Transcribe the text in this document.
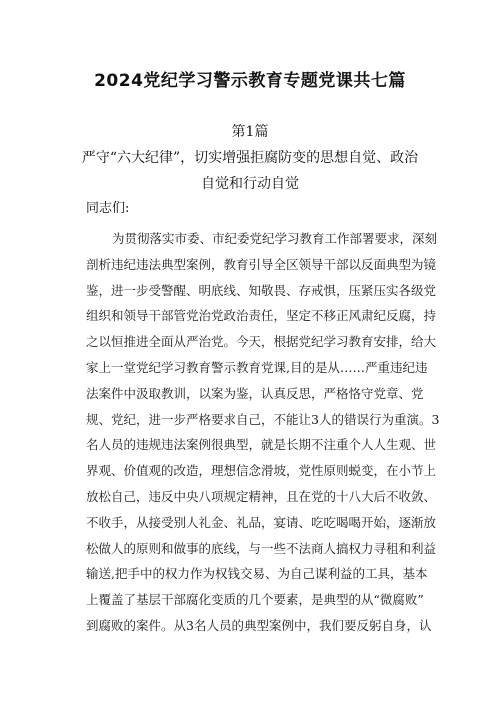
2024党纪学习警示教育专题党课共七篇
第1篇
严守“六大纪律”，切实增强拒腐防变的思想自觉、政治
自觉和行动自觉
同志们:
为贯彻落实市委、市纪委党纪学习教育工作部署要求，深刻
剖析违纪违法典型案例，教育引导全区领导干部以反面典型为镜
鉴，进一步受警醒、明底线、知敬畏、存戒惧，压紧压实各级党
组织和领导干部管党治党政治责任，坚定不移正风肃纪反腐，持
之以恒推进全面从严治党。今天，根据党纪学习教育安排，给大
家上一堂党纪学习教育警示教育党课,目的是从……严重违纪违
法案件中汲取教训，以案为鉴，认真反思，严格恪守党章、党
规、党纪，进一步严格要求自己，不能让3人的错误行为重演。3
名人员的违规违法案例很典型，就是长期不注重个人人生观、世
界观、价值观的改造，理想信念滑坡，党性原则蜕变，在小节上
放松自己，违反中央八项规定精神，且在党的十八大后不收敛、
不收手，从接受别人礼金、礼品，宴请、吃吃喝喝开始，逐渐放
松做人的原则和做事的底线，与一些不法商人搞权力寻租和利益
输送,把手中的权力作为权钱交易、为自己谋利益的工具，基本
上覆盖了基层干部腐化变质的几个要素，是典型的从“微腐败”
到腐败的案件。从3名人员的典型案例中，我们要反躬自身，认
